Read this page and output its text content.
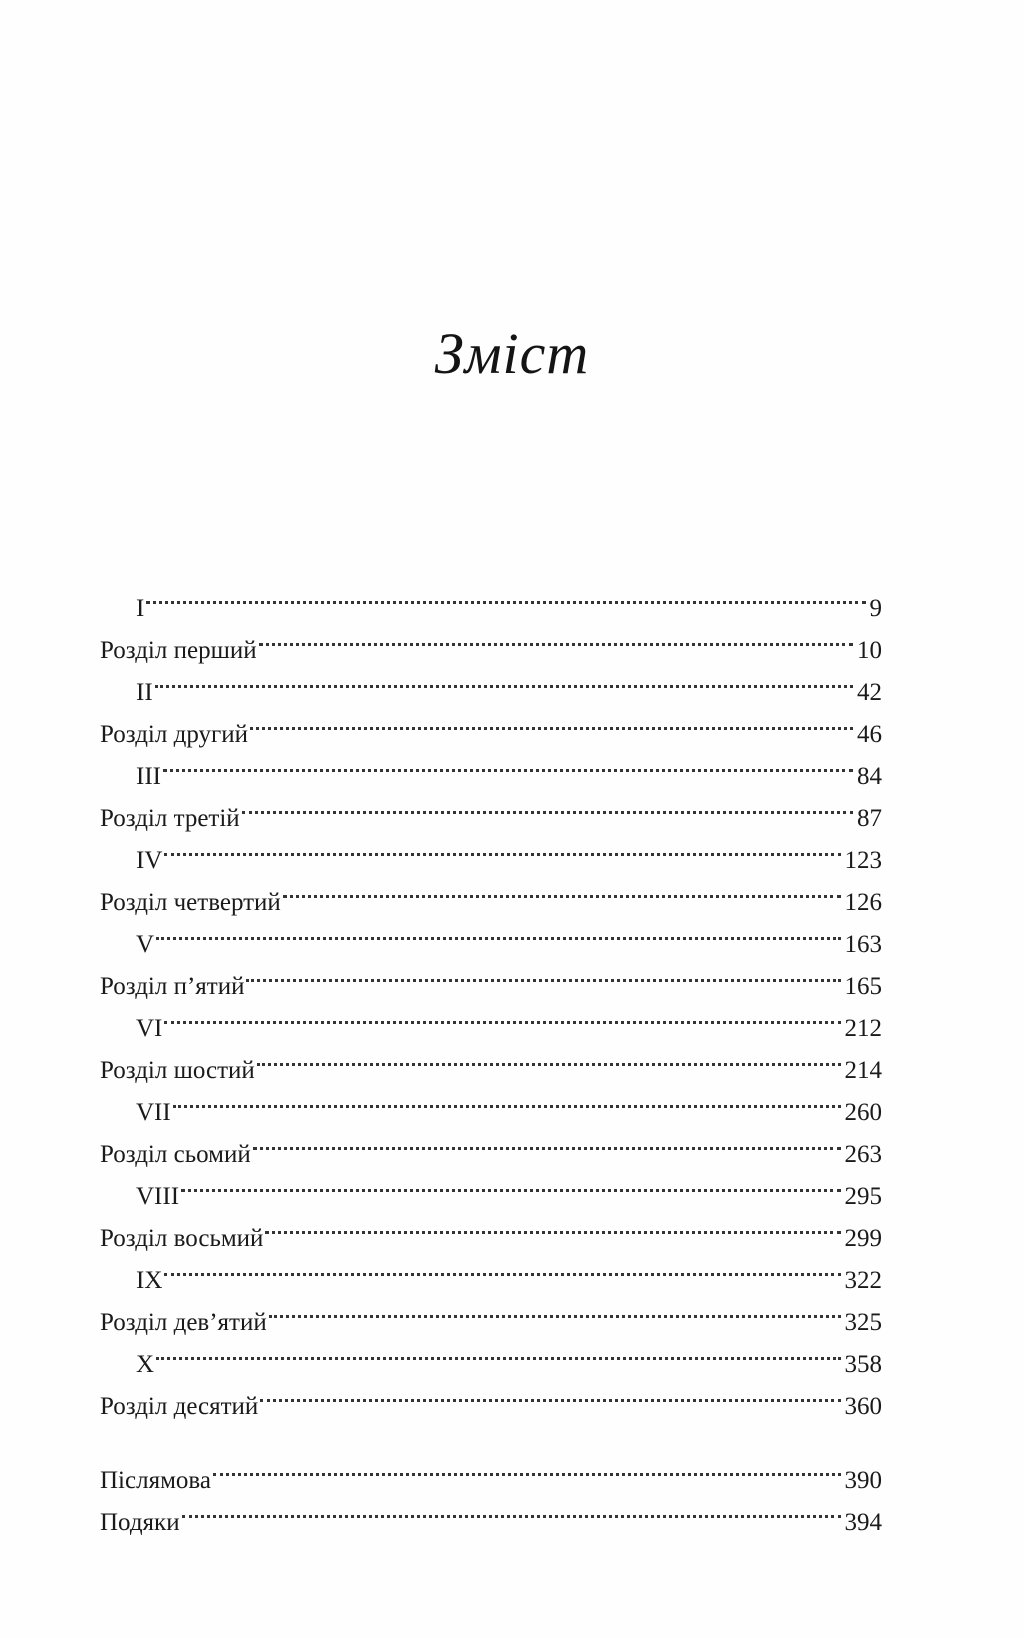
Зміст
I	9
Розділ перший	10
II	42
Розділ другий	46
III	84
Розділ третій	87
IV	123
Розділ четвертий	126
V	163
Розділ п’ятий	165
VI	212
Розділ шостий	214
VII	260
Розділ сьомий	263
VIII	295
Розділ восьмий	299
IX	322
Розділ дев’ятий	325
X	358
Розділ десятий	360
Післямова	390
Подяки	394
